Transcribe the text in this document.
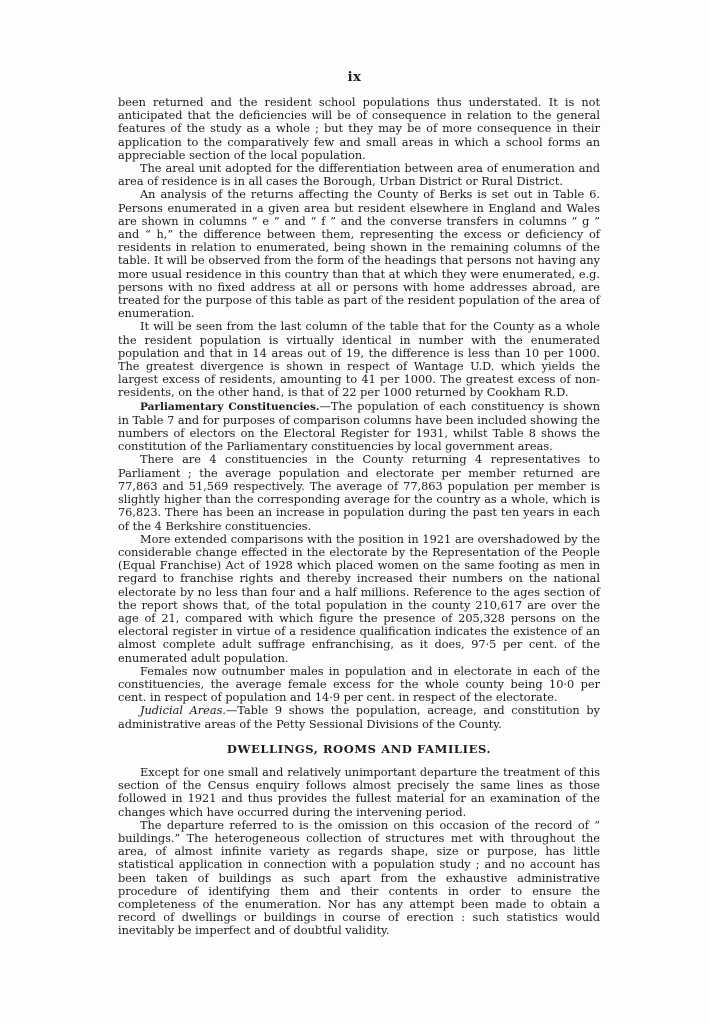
ix

been returned and the resident school populations thus understated. It is not anticipated that the deficiencies will be of consequence in relation to the general features of the study as a whole ; but they may be of more consequence in their application to the comparatively few and small areas in which a school forms an appreciable section of the local population.

The areal unit adopted for the differentiation between area of enumeration and area of residence is in all cases the Borough, Urban District or Rural District.

An analysis of the returns affecting the County of Berks is set out in Table 6. Persons enumerated in a given area but resident elsewhere in England and Wales are shown in columns “ e ” and “ f ” and the converse transfers in columns “ g ” and “ h,” the difference between them, representing the excess or deficiency of residents in relation to enumerated, being shown in the remaining columns of the table. It will be observed from the form of the headings that persons not having any more usual residence in this country than that at which they were enumerated, e.g. persons with no fixed address at all or persons with home addresses abroad, are treated for the purpose of this table as part of the resident population of the area of enumeration.

It will be seen from the last column of the table that for the County as a whole the resident population is virtually identical in number with the enumerated population and that in 14 areas out of 19, the difference is less than 10 per 1000. The greatest divergence is shown in respect of Wantage U.D. which yields the largest excess of residents, amounting to 41 per 1000. The greatest excess of non-residents, on the other hand, is that of 22 per 1000 returned by Cookham R.D.

Parliamentary Constituencies.—The population of each constituency is shown in Table 7 and for purposes of comparison columns have been included showing the numbers of electors on the Electoral Register for 1931, whilst Table 8 shows the constitution of the Parliamentary constituencies by local government areas.

There are 4 constituencies in the County returning 4 representatives to Parliament ; the average population and electorate per member returned are 77,863 and 51,569 respectively. The average of 77,863 population per member is slightly higher than the corresponding average for the country as a whole, which is 76,823. There has been an increase in population during the past ten years in each of the 4 Berkshire constituencies.

More extended comparisons with the position in 1921 are overshadowed by the considerable change effected in the electorate by the Representation of the People (Equal Franchise) Act of 1928 which placed women on the same footing as men in regard to franchise rights and thereby increased their numbers on the national electorate by no less than four and a half millions. Reference to the ages section of the report shows that, of the total population in the county 210,617 are over the age of 21, compared with which figure the presence of 205,328 persons on the electoral register in virtue of a residence qualification indicates the existence of an almost complete adult suffrage enfranchising, as it does, 97·5 per cent. of the enumerated adult population.

Females now outnumber males in population and in electorate in each of the constituencies, the average female excess for the whole county being 10·0 per cent. in respect of population and 14·9 per cent. in respect of the electorate.

Judicial Areas.—Table 9 shows the population, acreage, and constitution by administrative areas of the Petty Sessional Divisions of the County.

DWELLINGS, ROOMS AND FAMILIES.

Except for one small and relatively unimportant departure the treatment of this section of the Census enquiry follows almost precisely the same lines as those followed in 1921 and thus provides the fullest material for an examination of the changes which have occurred during the intervening period.

The departure referred to is the omission on this occasion of the record of “ buildings.” The heterogeneous collection of structures met with throughout the area, of almost infinite variety as regards shape, size or purpose, has little statistical application in connection with a population study ; and no account has been taken of buildings as such apart from the exhaustive administrative procedure of identifying them and their contents in order to ensure the completeness of the enumeration. Nor has any attempt been made to obtain a record of dwellings or buildings in course of erection : such statistics would inevitably be imperfect and of doubtful validity.
